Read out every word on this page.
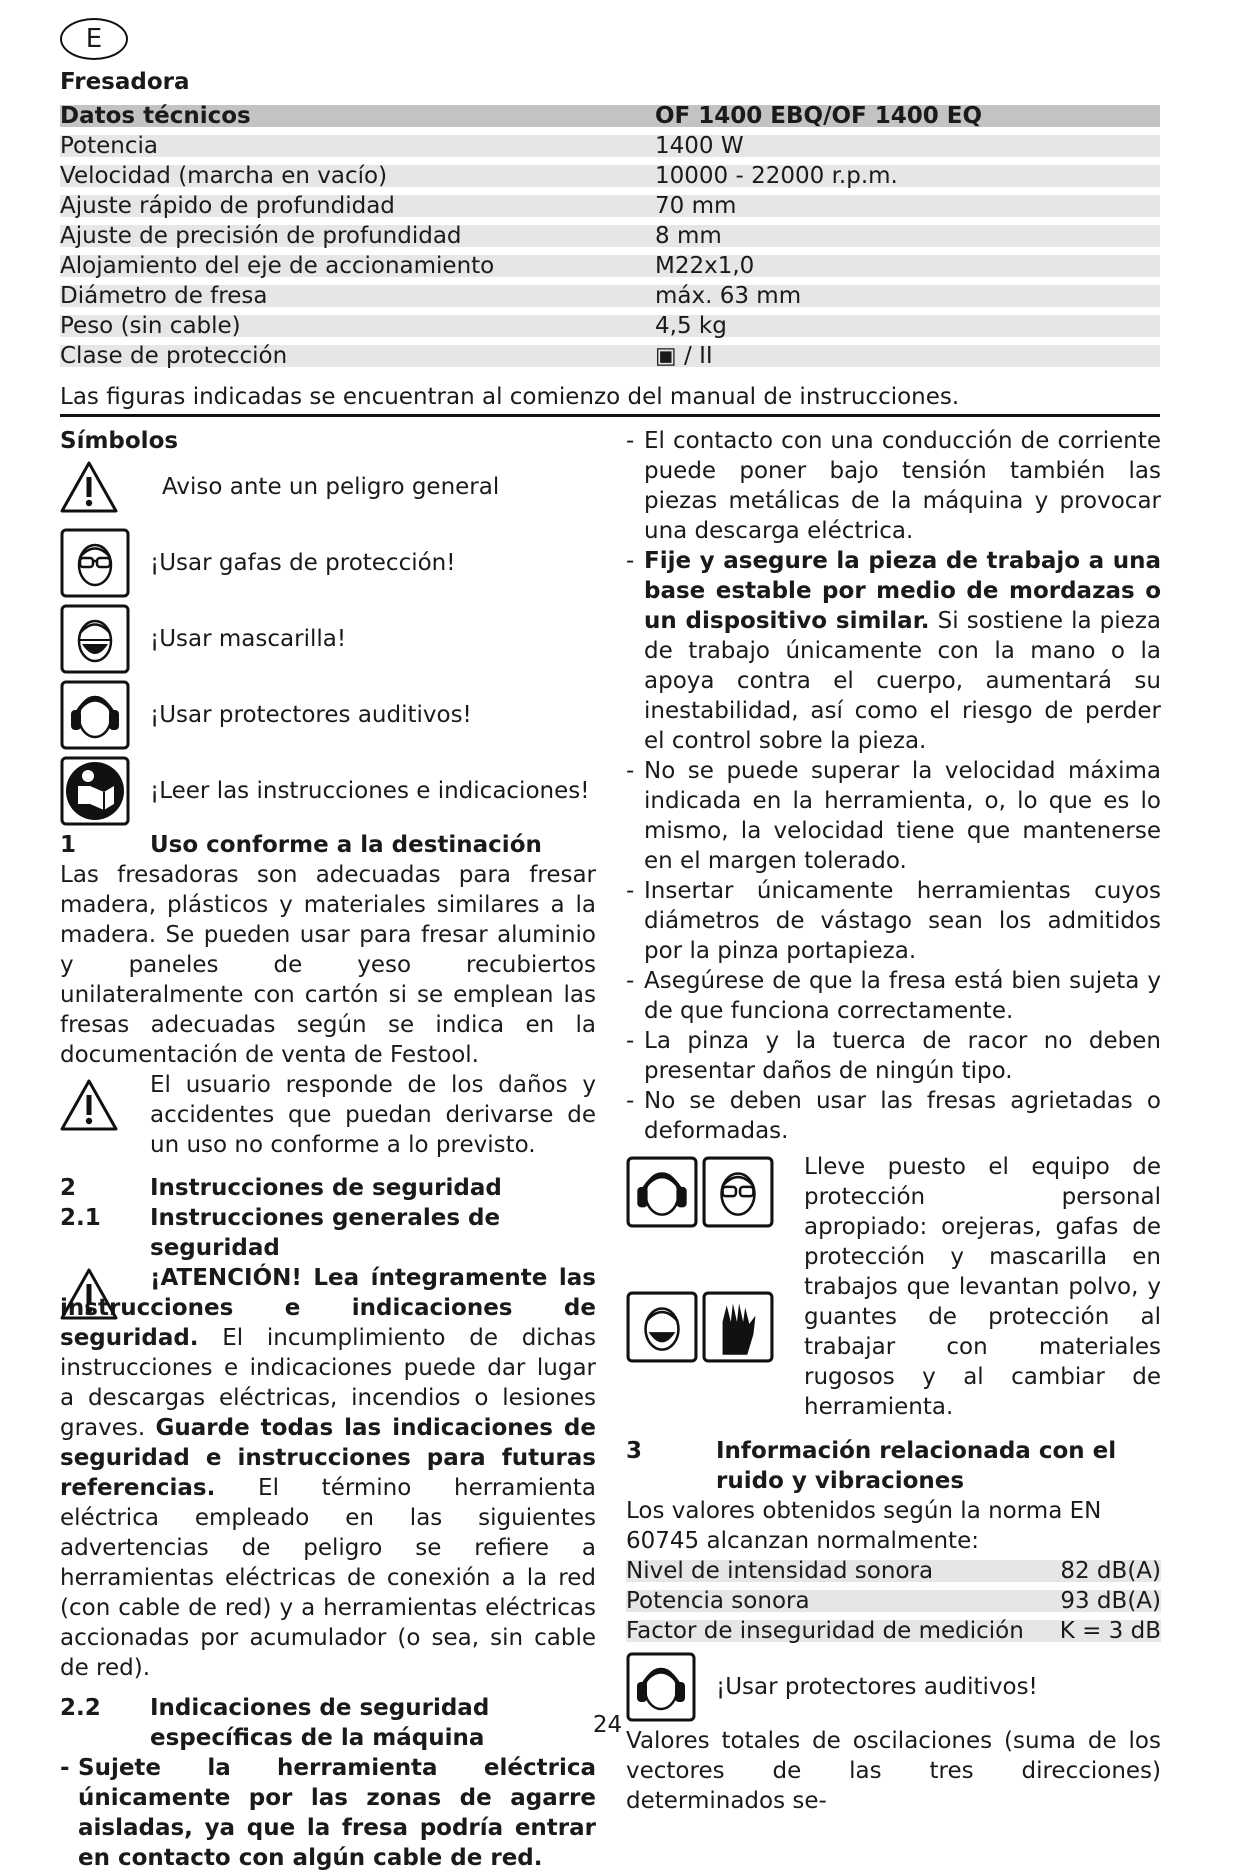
E
Fresadora
Datos técnicos	OF 1400 EBQ/OF 1400 EQ
Potencia	1400 W
Velocidad (marcha en vacío)	10000 - 22000 r.p.m.
Ajuste rápido de profundidad	70 mm
Ajuste de precisión de profundidad	8 mm
Alojamiento del eje de accionamiento	M22x1,0
Diámetro de fresa	máx. 63 mm
Peso (sin cable)	4,5 kg
Clase de protección	▣ / II
Las figuras indicadas se encuentran al comienzo del manual de instrucciones.
Símbolos
Aviso ante un peligro general
¡Usar gafas de protección!
¡Usar mascarilla!
¡Usar protectores auditivos!
¡Leer las instrucciones e indicaciones!
1	Uso conforme a la destinación

Las fresadoras son adecuadas para fresar madera, plásticos y materiales similares a la madera. Se pueden usar para fresar aluminio y paneles de yeso recubiertos unilateralmente con cartón si se emplean las fresas adecuadas según se indica en la documentación de venta de Festool.

El usuario responde de los daños y accidentes que puedan derivarse de un uso no conforme a lo previsto.

2	Instrucciones de seguridad
2.1	Instrucciones generales de seguridad

¡ATENCIÓN! Lea íntegramente las instrucciones e indicaciones de seguridad. El incumplimiento de dichas instrucciones e indicaciones puede dar lugar a descargas eléctricas, incendios o lesiones graves. Guarde todas las indicaciones de seguridad e instrucciones para futuras referencias. El término herramienta eléctrica empleado en las siguientes advertencias de peligro se refiere a herramientas eléctricas de conexión a la red (con cable de red) y a herramientas eléctricas accionadas por acumulador (o sea, sin cable de red).

2.2	Indicaciones de seguridad específicas de la máquina
- Sujete la herramienta eléctrica únicamente por las zonas de agarre aisladas, ya que la fresa podría entrar en contacto con algún cable de red.
- El contacto con una conducción de corriente puede poner bajo tensión también las piezas metálicas de la máquina y provocar una descarga eléctrica.
- Fije y asegure la pieza de trabajo a una base estable por medio de mordazas o un dispositivo similar. Si sostiene la pieza de trabajo únicamente con la mano o la apoya contra el cuerpo, aumentará su inestabilidad, así como el riesgo de perder el control sobre la pieza.
- No se puede superar la velocidad máxima indicada en la herramienta, o, lo que es lo mismo, la velocidad tiene que mantenerse en el margen tolerado.
- Insertar únicamente herramientas cuyos diámetros de vástago sean los admitidos por la pinza portapieza.
- Asegúrese de que la fresa está bien sujeta y de que funciona correctamente.
- La pinza y la tuerca de racor no deben presentar daños de ningún tipo.
- No se deben usar las fresas agrietadas o deformadas.

Lleve puesto el equipo de protección personal apropiado: orejeras, gafas de protección y mascarilla en trabajos que levantan polvo, y guantes de protección al trabajar con materiales rugosos y al cambiar de herramienta.

3	Información relacionada con el ruido y vibraciones

Los valores obtenidos según la norma EN 60745 alcanzan normalmente:

Nivel de intensidad sonora	82 dB(A)
Potencia sonora	93 dB(A)
Factor de inseguridad de medición K = 3 dB
¡Usar protectores auditivos!

Valores totales de oscilaciones (suma de los vectores de las tres direcciones) determinados se-

24
